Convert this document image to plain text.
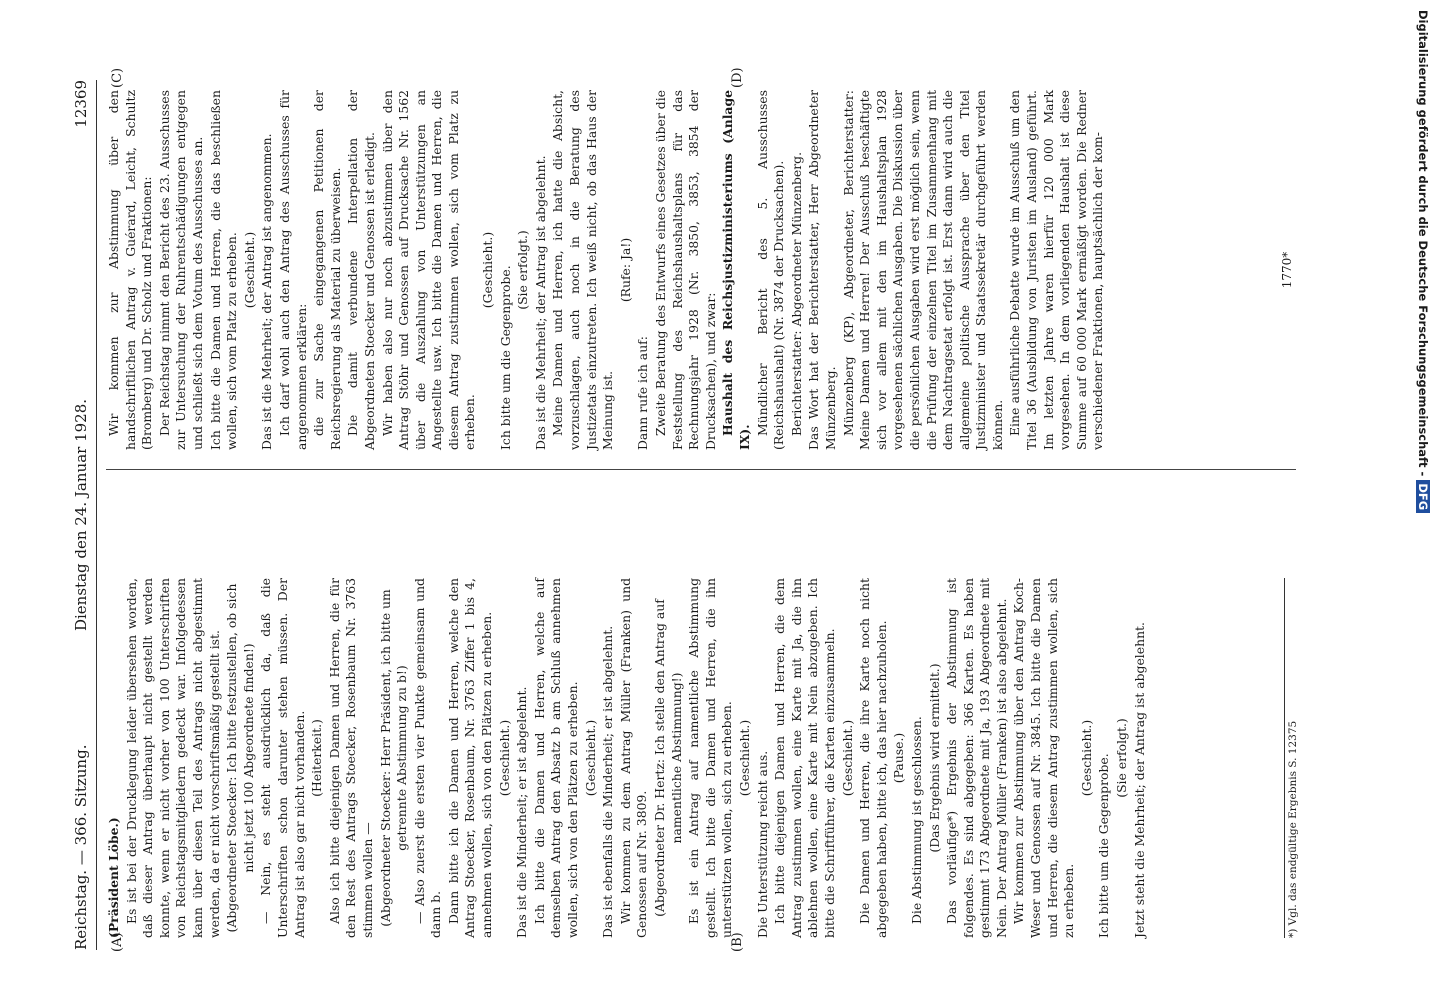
Reichstag. — 366. Sitzung.
Dienstag den 24. Januar 1928.
12369
(A)	(B)
(C)	(D)

(Präsident Löbe.) Es ist bei der Drucklegung leider übersehen worden, daß dieser Antrag überhaupt nicht gestellt werden konnte, wenn er nicht vorher von 100 Unterschriften von Reichstagsmitgliedern gedeckt war. Infolgedessen kann über diesen Teil des Antrags nicht abgestimmt werden, da er nicht vorschriftsmäßig gestellt ist. (Abgeordneter Stoecker: Ich bitte festzustellen, ob sich nicht jetzt 100 Abgeordnete finden!) — Nein, es steht ausdrücklich da, daß die Unterschriften schon darunter stehen müssen. Der Antrag ist also gar nicht vorhanden. (Heiterkeit.) Also ich bitte diejenigen Damen und Herren, die für den Rest des Antrags Stoecker, Rosenbaum Nr. 3763 stimmen wollen — (Abgeordneter Stoecker: Herr Präsident, ich bitte um getrennte Abstimmung zu b!) — Also zuerst die ersten vier Punkte gemeinsam und dann b. Dann bitte ich die Damen und Herren, welche den Antrag Stoecker, Rosenbaum, Nr. 3763 Ziffer 1 bis 4, annehmen wollen, sich von den Plätzen zu erheben. (Geschieht.) Das ist die Minderheit; er ist abgelehnt. Ich bitte die Damen und Herren, welche auf demselben Antrag den Absatz b am Schluß annehmen wollen, sich von den Plätzen zu erheben. (Geschieht.) Das ist ebenfalls die Minderheit; er ist abgelehnt. Wir kommen zu dem Antrag Müller (Franken) und Genossen auf Nr. 3809. (Abgeordneter Dr. Hertz: Ich stelle den Antrag auf namentliche Abstimmung!) Es ist ein Antrag auf namentliche Abstimmung gestellt. Ich bitte die Damen und Herren, die ihn unterstützen wollen, sich zu erheben. (Geschieht.) Die Unterstützung reicht aus. Ich bitte diejenigen Damen und Herren, die dem Antrag zustimmen wollen, eine Karte mit Ja, die ihn ablehnen wollen, eine Karte mit Nein abzugeben. Ich bitte die Schriftführer, die Karten einzusammeln. (Geschieht.) Die Damen und Herren, die ihre Karte noch nicht abgegeben haben, bitte ich, das hier nachzuholen. (Pause.) Die Abstimmung ist geschlossen. (Das Ergebnis wird ermittelt.) Das vorläufige*) Ergebnis der Abstimmung ist folgendes. Es sind abgegeben: 366 Karten. Es haben gestimmt 173 Abgeordnete mit Ja, 193 Abgeordnete mit Nein. Der Antrag Müller (Franken) ist also abgelehnt. Wir kommen zur Abstimmung über den Antrag Koch-Weser und Genossen auf Nr. 3845. Ich bitte die Damen und Herren, die diesem Antrag zustimmen wollen, sich zu erheben.

(Geschieht.) Ich bitte um die Gegenprobe. (Sie erfolgt.) Jetzt steht die Mehrheit; der Antrag ist abgelehnt.

Wir kommen zur Abstimmung über den handschriftlichen Antrag v. Guérard, Leicht, Schultz (Bromberg) und Dr. Scholz und Fraktionen: Der Reichstag nimmt den Bericht des 23. Ausschusses zur Untersuchung der Ruhrentschädigungen entgegen und schließt sich dem Votum des Ausschusses an. Ich bitte die Damen und Herren, die das beschließen wollen, sich vom Platz zu erheben. (Geschieht.) Das ist die Mehrheit; der Antrag ist angenommen. Ich darf wohl auch den Antrag des Ausschusses für angenommen erklären: die zur Sache eingegangenen Petitionen der Reichsregierung als Material zu überweisen. Die damit verbundene Interpellation der Abgeordneten Stoecker und Genossen ist erledigt. Wir haben also nur noch abzustimmen über den Antrag Stöhr und Genossen auf Drucksache Nr. 1562 über die Auszahlung von Unterstützungen an Angestellte usw. Ich bitte die Damen und Herren, die diesem Antrag zustimmen wollen, sich vom Platz zu erheben.

(Geschieht.) Ich bitte um die Gegenprobe. (Sie erfolgt.) Das ist die Mehrheit; der Antrag ist abgelehnt. Meine Damen und Herren, ich hatte die Absicht, vorzuschlagen, auch noch in die Beratung des Justizetats einzutreten. Ich weiß nicht, ob das Haus der Meinung ist.

(Rufe: Ja!)

Dann rufe ich auf: Zweite Beratung des Entwurfs eines Gesetzes über die Feststellung des Reichshaushaltsplans für das Rechnungsjahr 1928 (Nr. 3850, 3853, 3854 der Drucksachen), und zwar: Haushalt des Reichsjustizministeriums (Anlage IX).

Mündlicher Bericht des 5. Ausschusses (Reichshaushalt) (Nr. 3874 der Drucksachen). Berichterstatter: Abgeordneter Münzenberg. Das Wort hat der Berichterstatter, Herr Abgeordneter Münzenberg. Münzenberg (KP), Abgeordneter, Berichterstatter: Meine Damen und Herren! Der Ausschuß beschäftigte sich vor allem mit den im Haushaltsplan 1928 vorgesehenen sächlichen Ausgaben. Die Diskussion über die persönlichen Ausgaben wird erst möglich sein, wenn die Prüfung der einzelnen Titel im Zusammenhang mit dem Nachtragsetat erfolgt ist. Erst dann wird auch die allgemeine politische Aussprache über den Titel Justizminister und Staatssekretär durchgeführt werden können. Eine ausführliche Debatte wurde im Ausschuß um den Titel 36 (Ausbildung von Juristen im Ausland) geführt. Im letzten Jahre waren hierfür 120 000 Mark vorgesehen. In dem vorliegenden Haushalt ist diese Summe auf 60 000 Mark ermäßigt worden. Die Redner verschiedener Fraktionen, hauptsächlich der kom-

*) Vgl. das endgültige Ergebnis S. 12375
1770*	Digitalisierung gefördert durch die Deutsche Forschungsgemeinschaft -DFG
